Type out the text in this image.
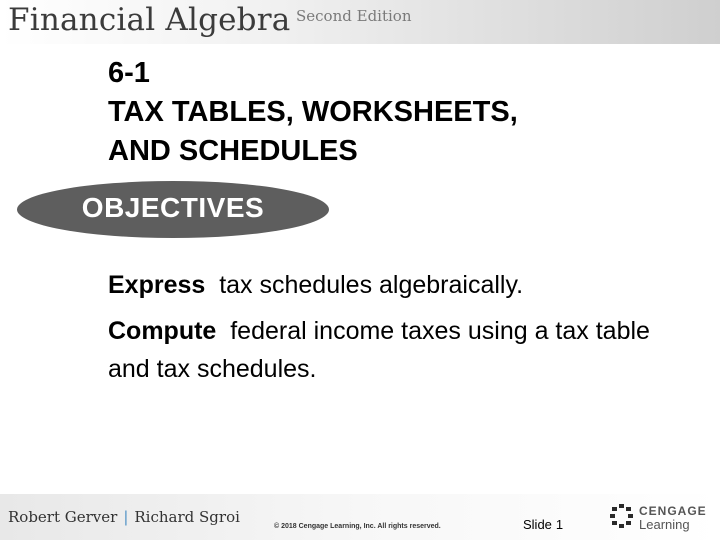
Financial Algebra Second Edition
6-1
TAX TABLES, WORKSHEETS,
AND SCHEDULES
OBJECTIVES
Express tax schedules algebraically.
Compute federal income taxes using a tax table and tax schedules.
Robert Gerver | Richard Sgroi
© 2018 Cengage Learning, Inc. All rights reserved.	Slide 1
CENGAGE
Learning
